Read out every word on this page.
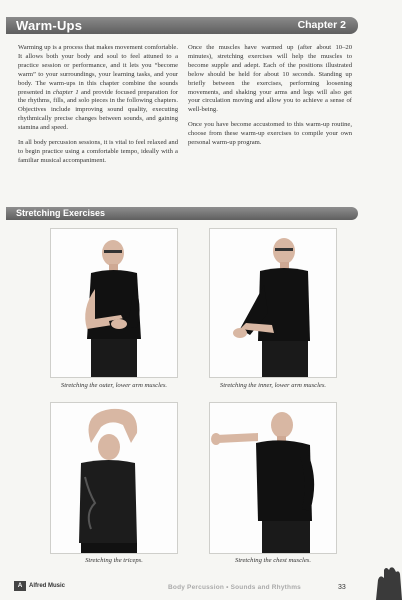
Warm-Ups	Chapter 2

Warming up is a process that makes movement comfortable. It allows both your body and soul to feel attuned to a practice session or performance, and it lets you “become warm” to your surroundings, your learning tasks, and your body. The warm-ups in this chapter combine the sounds presented in chapter 1 and provide focused preparation for the rhythms, fills, and solo pieces in the following chapters. Objectives include improving sound quality, executing rhythmically precise changes between sounds, and gaining stamina and speed.

In all body percussion sessions, it is vital to feel relaxed and to begin practice using a comfortable tempo, ideally with a familiar musical accompaniment.

Once the muscles have warmed up (after about 10–20 minutes), stretching exercises will help the muscles to become supple and adept. Each of the positions illustrated below should be held for about 10 seconds. Standing up briefly between the exercises, performing loosening movements, and shaking your arms and legs will also get your circulation moving and allow you to achieve a sense of well-being.

Once you have become accustomed to this warm-up routine, choose from these warm-up exercises to compile your own personal warm-up program.

Stretching Exercises
Stretching the outer, lower arm muscles.	Stretching the inner, lower arm muscles.
Stretching the triceps.	Stretching the chest muscles.
A	Alfred Music	Body Percussion • Sounds and Rhythms	33
